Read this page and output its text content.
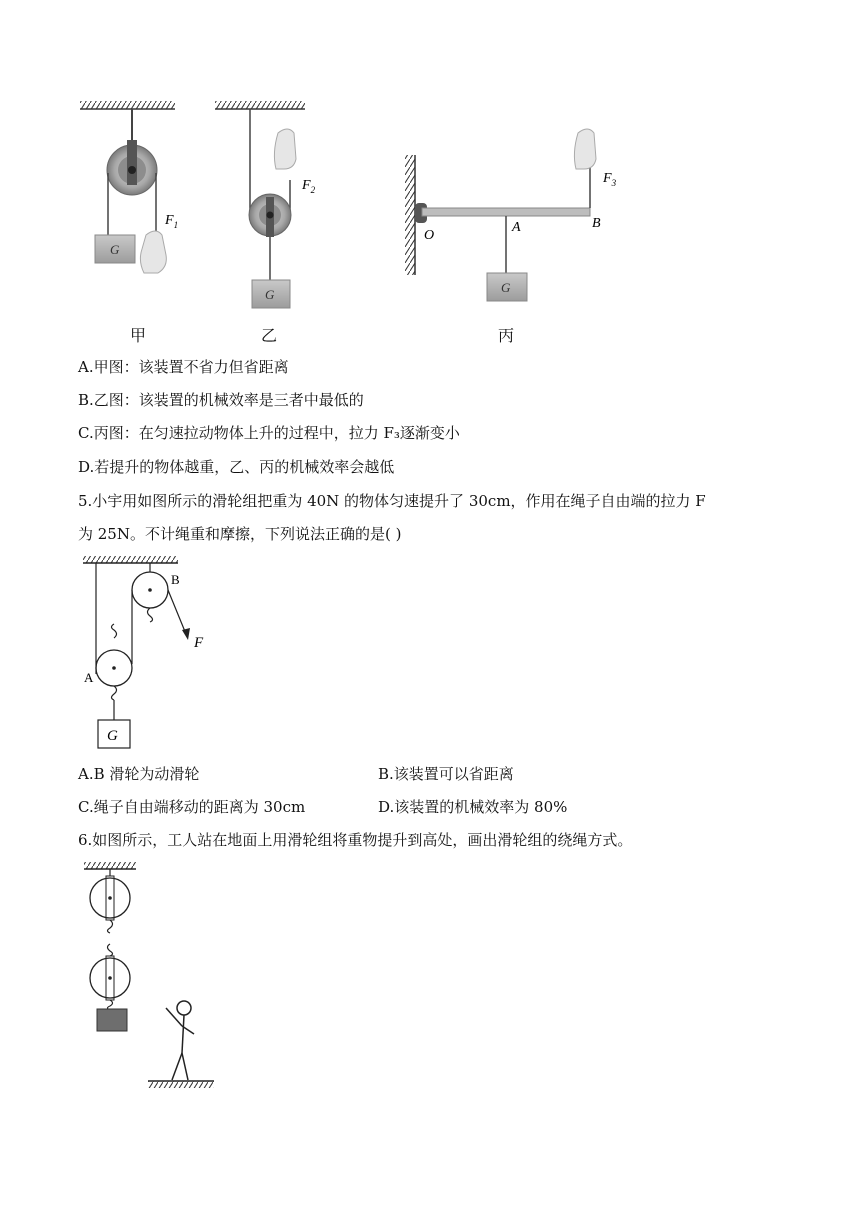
G
$F_1$
$F_2$
G
$F_3$
O
A	B
G
甲	乙	丙
A.甲图：该装置不省力但省距离
B.乙图：该装置的机械效率是三者中最低的
C.丙图：在匀速拉动物体上升的过程中，拉力 F₃逐渐变小
D.若提升的物体越重，乙、丙的机械效率会越低
5.小宇用如图所示的滑轮组把重为 40N 的物体匀速提升了 30cm，作用在绳子自由端的拉力 F
为 25N。不计绳重和摩擦，下列说法正确的是( )
B
F
A
G
A.B 滑轮为动滑轮	B.该装置可以省距离
C.绳子自由端移动的距离为 30cm	D.该装置的机械效率为 80%
6.如图所示，工人站在地面上用滑轮组将重物提升到高处，画出滑轮组的绕绳方式。
